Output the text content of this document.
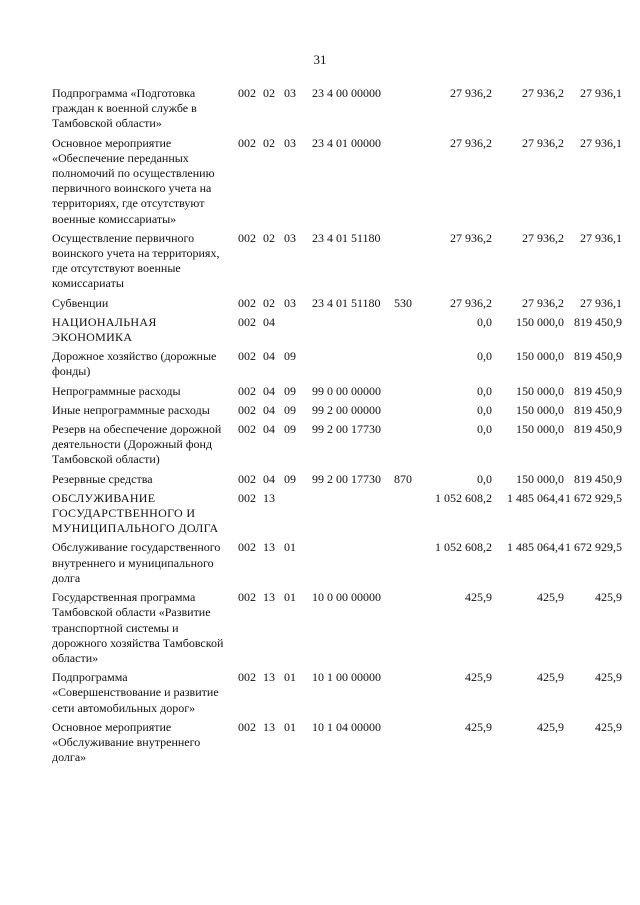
31
Подпрограмма «Подготовка граждан к военной службе в Тамбовской области»	002	02	03	23 4 00 00000		27 936,2	27 936,2	27 936,1
Основное мероприятие «Обеспечение переданных полномочий по осуществлению первичного воинского учета на территориях, где отсутствуют военные комиссариаты»	002	02	03	23 4 01 00000		27 936,2	27 936,2	27 936,1
Осуществление первичного воинского учета на территориях, где отсутствуют военные комиссариаты	002	02	03	23 4 01 51180		27 936,2	27 936,2	27 936,1
Субвенции	002	02	03	23 4 01 51180	530	27 936,2	27 936,2	27 936,1
НАЦИОНАЛЬНАЯ ЭКОНОМИКА	002	04				0,0	150 000,0	819 450,9
Дорожное хозяйство (дорожные фонды)	002	04	09			0,0	150 000,0	819 450,9
Непрограммные расходы	002	04	09	99 0 00 00000		0,0	150 000,0	819 450,9
Иные непрограммные расходы	002	04	09	99 2 00 00000		0,0	150 000,0	819 450,9
Резерв на обеспечение дорожной деятельности (Дорожный фонд Тамбовской области)	002	04	09	99 2 00 17730		0,0	150 000,0	819 450,9
Резервные средства	002	04	09	99 2 00 17730	870	0,0	150 000,0	819 450,9
ОБСЛУЖИВАНИЕ ГОСУДАРСТВЕННОГО И МУНИЦИПАЛЬНОГО ДОЛГА	002	13				1 052 608,2	1 485 064,4	1 672 929,5
Обслуживание государственного внутреннего и муниципального долга	002	13	01			1 052 608,2	1 485 064,4	1 672 929,5
Государственная программа Тамбовской области «Развитие транспортной системы и дорожного хозяйства Тамбовской области»	002	13	01	10 0 00 00000		425,9	425,9	425,9
Подпрограмма «Совершенствование и развитие сети автомобильных дорог»	002	13	01	10 1 00 00000		425,9	425,9	425,9
Основное мероприятие «Обслуживание внутреннего долга»	002	13	01	10 1 04 00000		425,9	425,9	425,9
